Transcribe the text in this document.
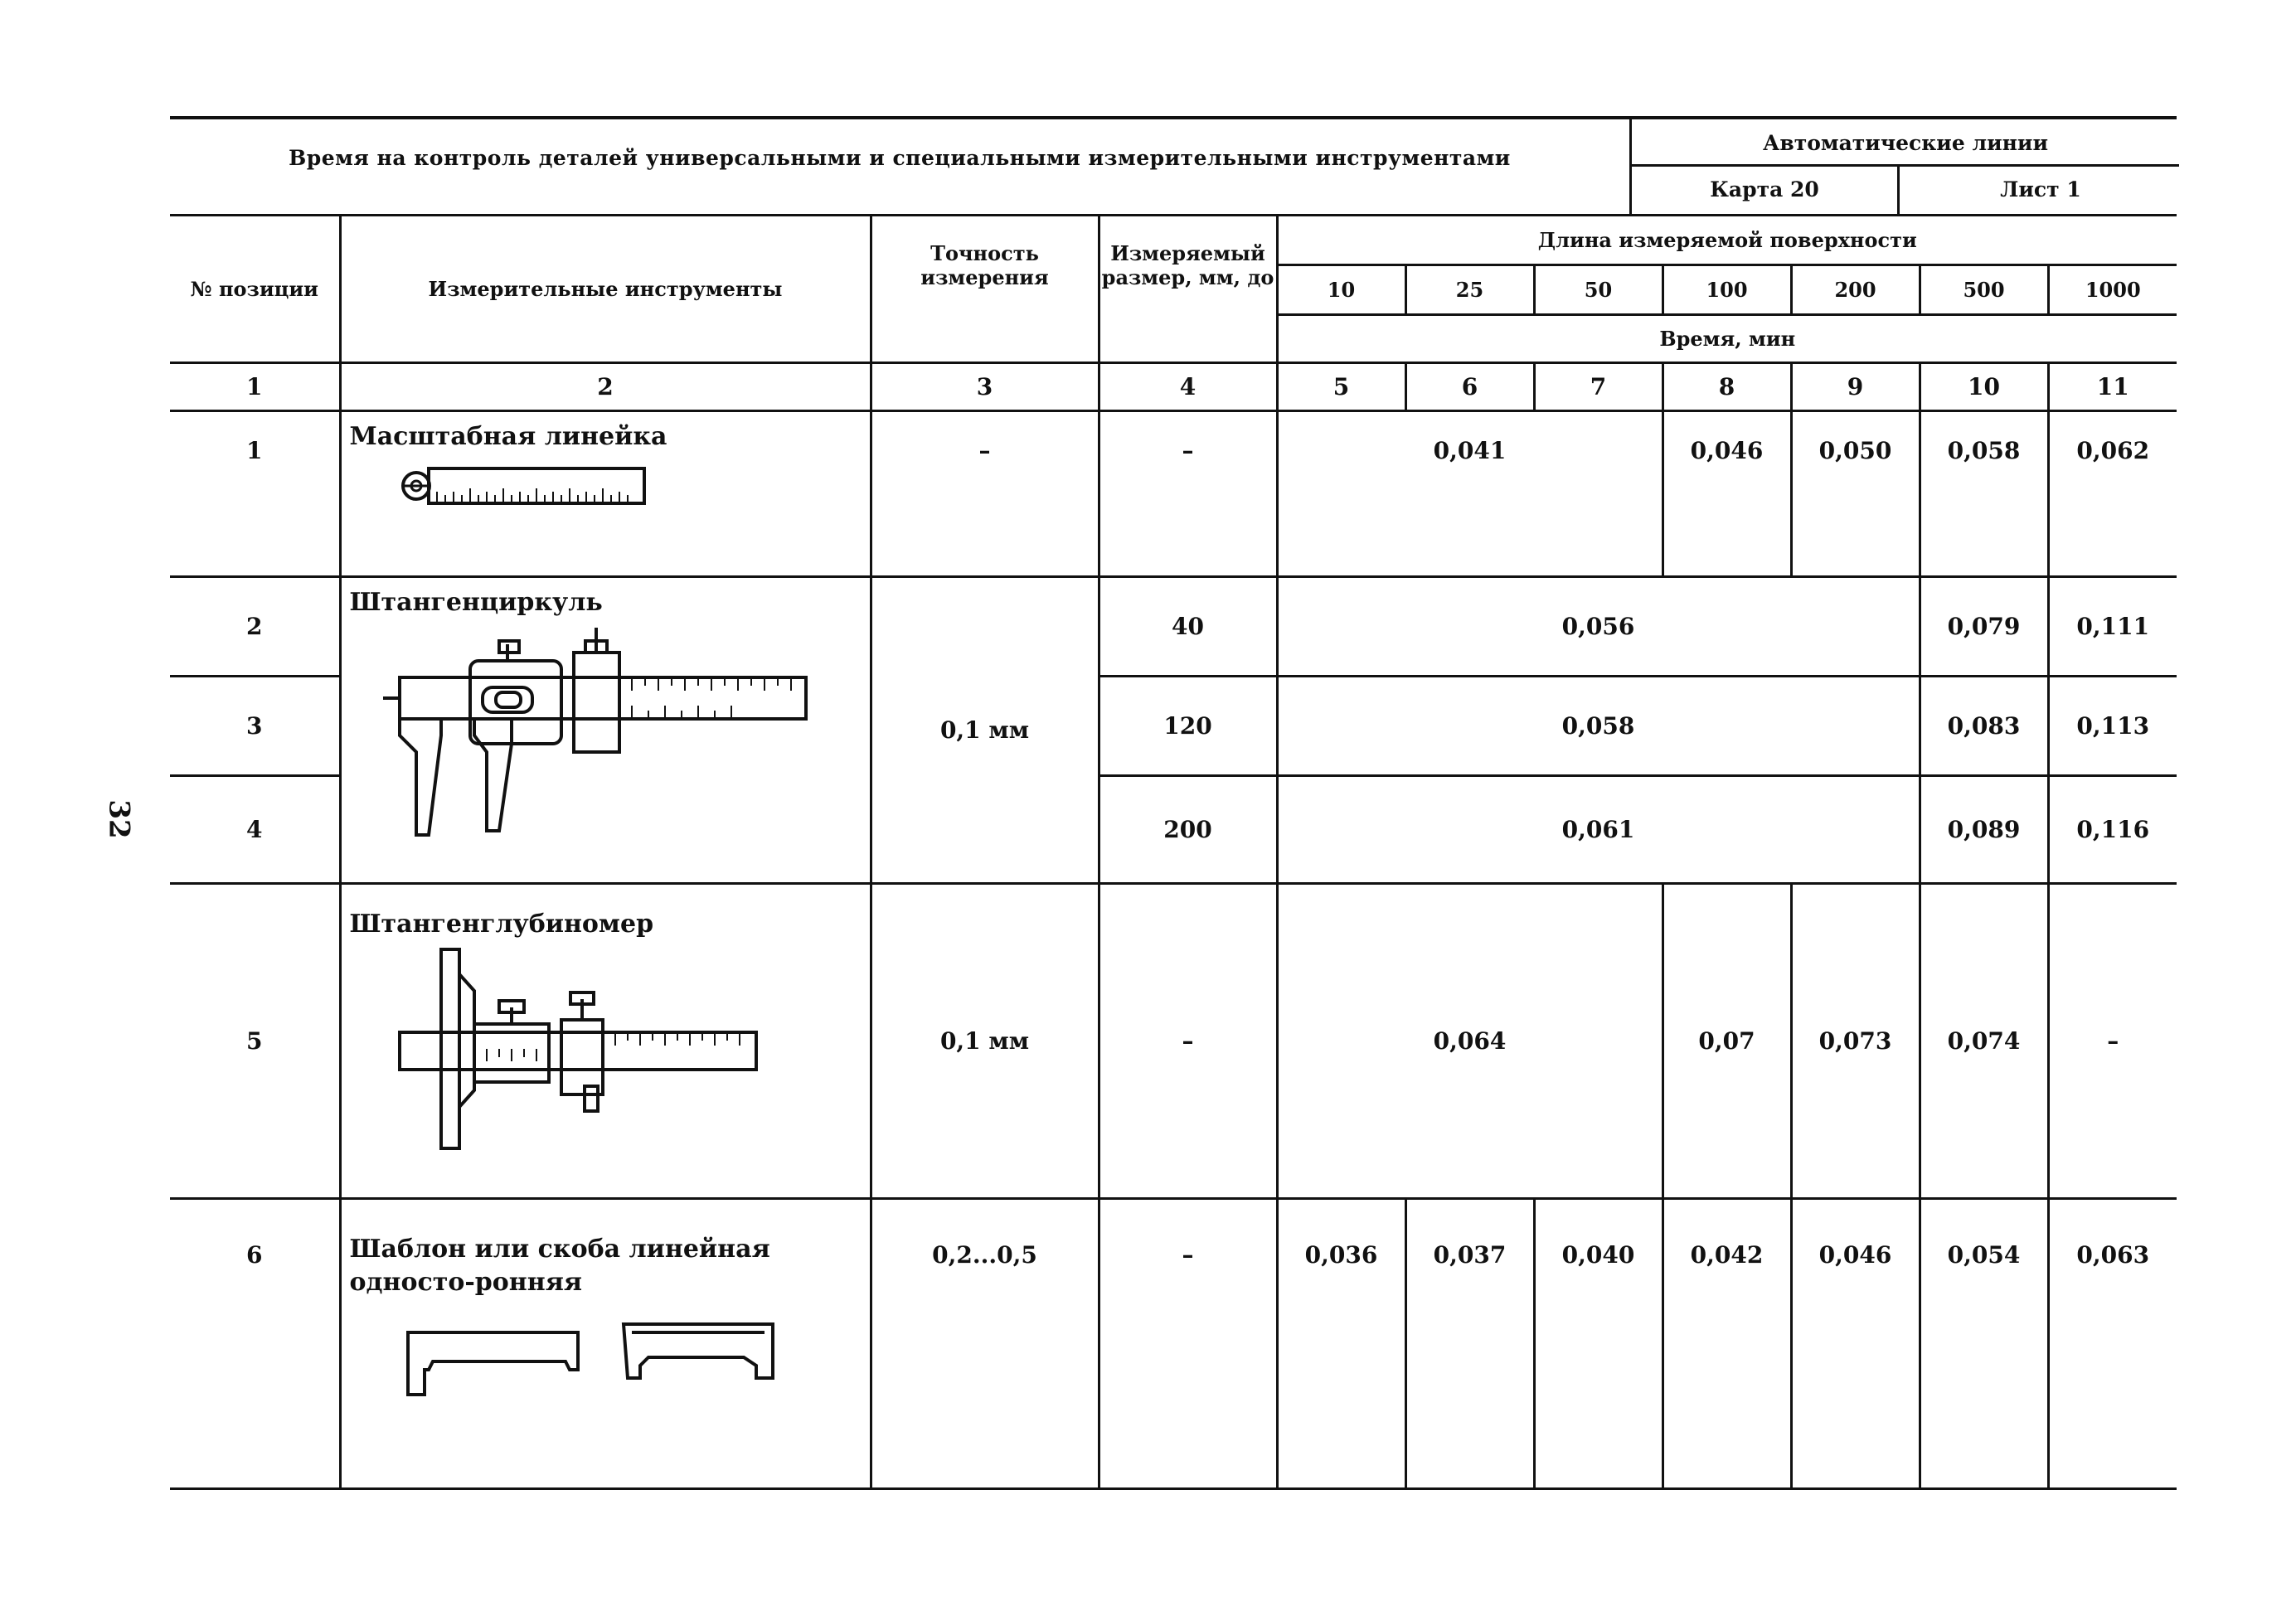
32
Время на контроль деталей универсальными и специальными измерительными инструментами
Автоматические линии
Карта 20	Лист 1
№ позиции	Измерительные инструменты	Точность измерения	Измеряемый размер, мм, до	Длина измеряемой поверхности						
				10	25	50	100	200	500	1000
				Время, мин						
1	2	3	4	5	6	7	8	9	10	11
1	Масштабная линейка	–	–	0,041			0,046	0,050	0,058	0,062
2	Штангенциркуль	0,1 мм	40	0,056					0,079	0,111
3			120	0,058					0,083	0,113
4			200	0,061					0,089	0,116
5	Штангенглубиномер	0,1 мм	–	0,064			0,07	0,073	0,074	–
6	Шаблон или скоба линейная односто-ронняя	0,2...0,5	–	0,036	0,037	0,040	0,042	0,046	0,054	0,063
